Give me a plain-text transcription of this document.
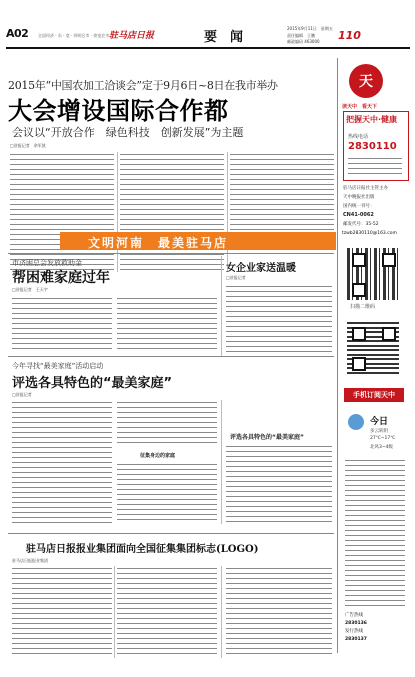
A02 全国经济 · 东 · 宽 · 四明区市 · 豪宠农市 驻马店日报	要　闻
2015年9月11日　星期五
责任编辑　王鹏
邮政编码 463000 110
2015年“中国农加工洽谈会”定于9月6日~8日在我市举办
大会增设国际合作都
会议以“开放合作　绿色科技　创新发展”为主题
□驻报记者　余军凯
文明河南　最美驻马店
天
读天中　看天下
把握天中·健康
热线电话
2830110
驻马店日报社主管主办
天中晚报社出版
国内统一刊号：
CN41-0062
邮发代号：35-52
tzwb2830110@163.com
扫描二维码
手机订阅天中
今日
多云转阴
27℃~17℃
北风3~4级
广告热线
2830136
发行热线
2830137
市济困总会发放救助金
帮困难家庭过年
□驻报记者　王天宇
女企业家送温暖
□驻报记者
今年寻找“最美家庭”活动启动
评选各具特色的“最美家庭”
□驻报记者
征集身边的家庭
评选各具特色的“最美家庭”
驻马店日报报业集团面向全国征集集团标志(LOGO)
驻马店日报报业集团
